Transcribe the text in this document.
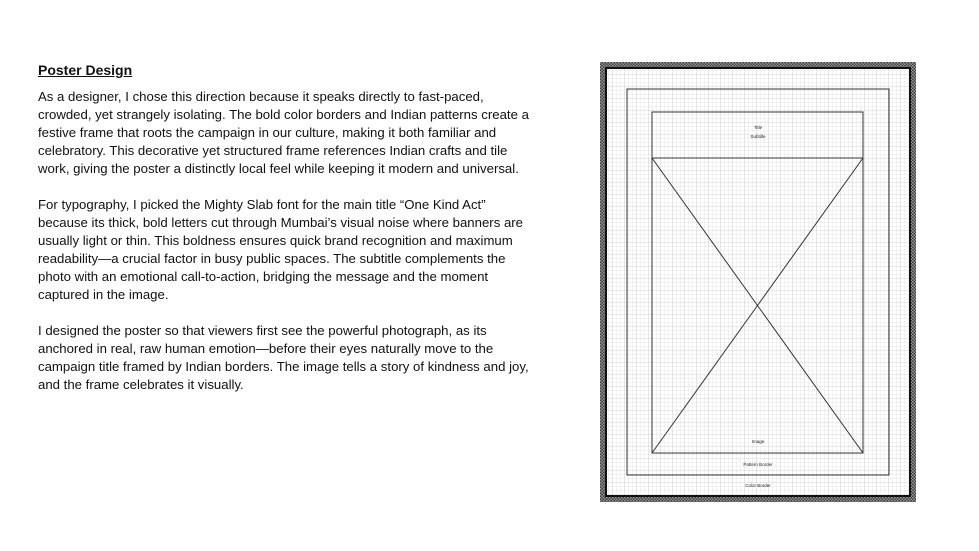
Poster Design

As a designer, I chose this direction because it speaks directly to fast-paced, crowded, yet strangely isolating. The bold color borders and Indian patterns create a festive frame that roots the campaign in our culture, making it both familiar and celebratory. This decorative yet structured frame references Indian crafts and tile work, giving the poster a distinctly local feel while keeping it modern and universal.

For typography, I picked the Mighty Slab font for the main title “One Kind Act” because its thick, bold letters cut through Mumbai’s visual noise where banners are usually light or thin. This boldness ensures quick brand recognition and maximum readability—a crucial factor in busy public spaces. The subtitle complements the photo with an emotional call-to-action, bridging the message and the moment captured in the image.

I designed the poster so that viewers first see the powerful photograph, as its anchored in real, raw human emotion—before their eyes naturally move to the campaign title framed by Indian borders. The image tells a story of kindness and joy, and the frame celebrates it visually.

Title
Subtitle
Image
Pattern Border
Color Border
